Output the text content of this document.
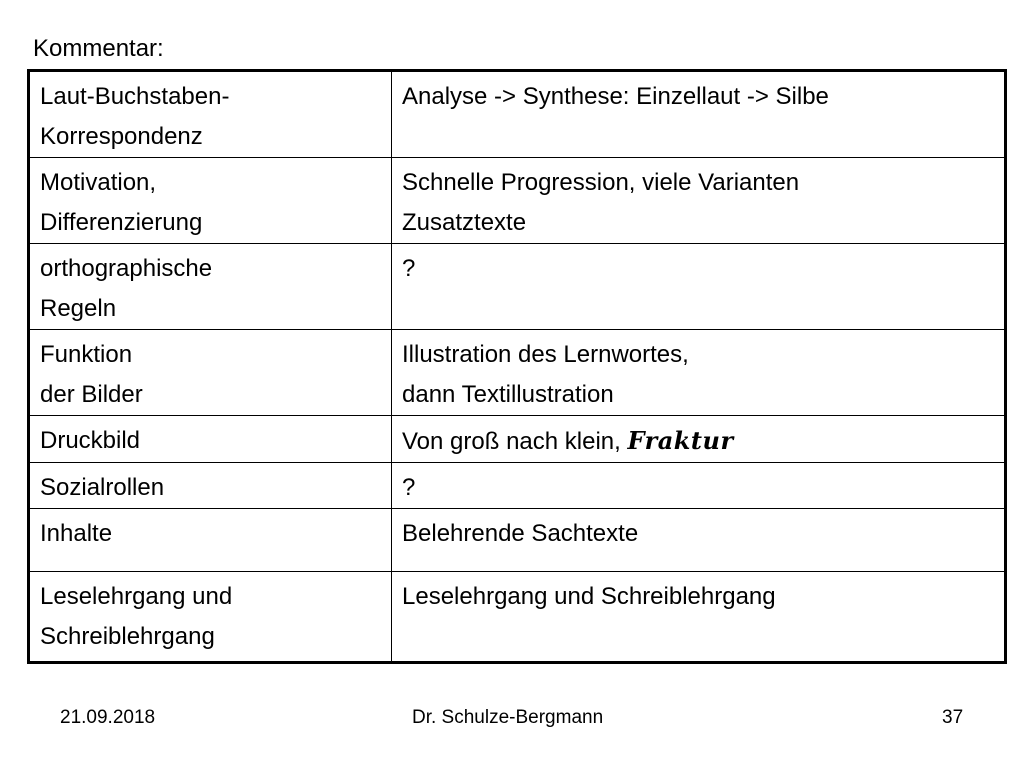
Kommentar:
Laut-Buchstaben-
Korrespondenz	Analyse -> Synthese: Einzellaut -> Silbe

Motivation,
Differenzierung	Schnelle Progression, viele Varianten
Zusatztexte

orthographische
Regeln	?

Funktion
der Bilder	Illustration des Lernwortes,
dann Textillustration

Druckbild	Von groß nach klein, Fraktur

Sozialrollen	?

Inhalte	Belehrende Sachtexte

Leselehrgang und
Schreiblehrgang	Leselehrgang und Schreiblehrgang
21.09.2018	Dr. Schulze-Bergmann	37
